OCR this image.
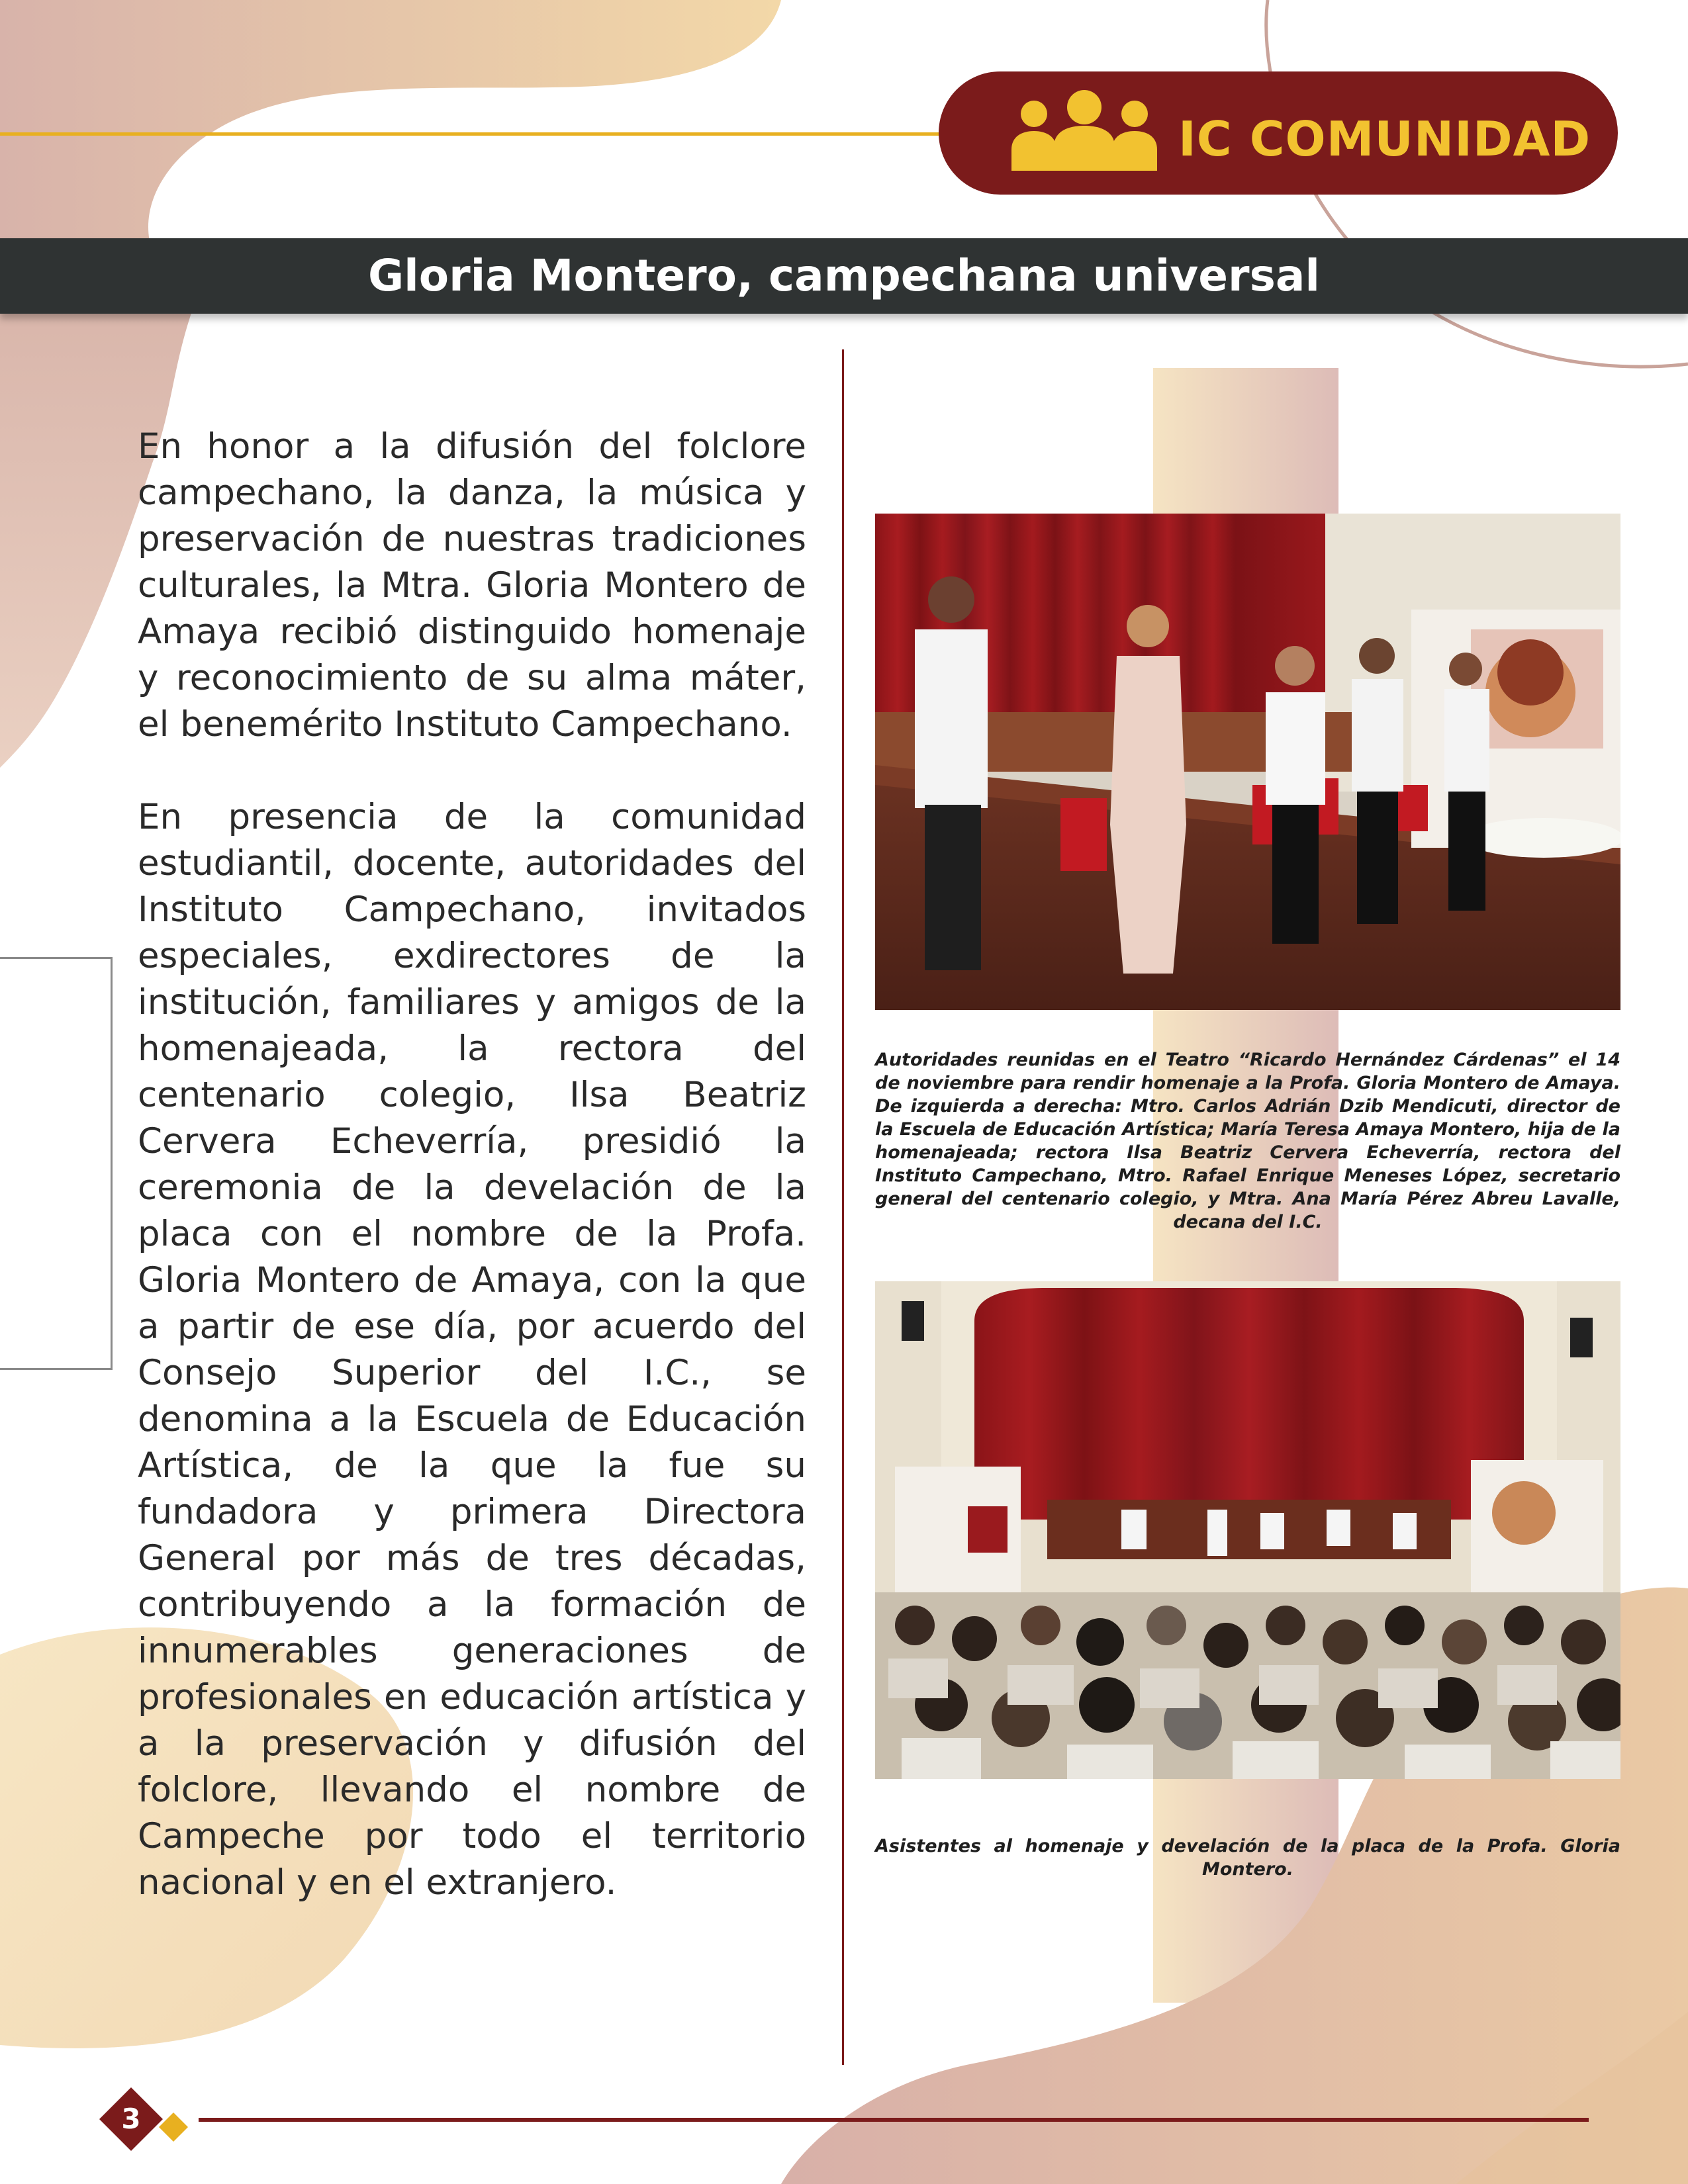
IC COMUNIDAD
Gloria Montero, campechana universal

En honor a la difusión del folclore campechano, la danza, la música y preservación de nuestras tradiciones culturales, la Mtra. Gloria Montero de Amaya recibió distinguido homenaje y reconocimiento de su alma máter, el benemérito Instituto Campechano.

En presencia de la comunidad estudiantil, docente, autoridades del Instituto Campechano, invitados especiales, exdirectores de la institución, familiares y amigos de la homenajeada, la rectora del centenario colegio, Ilsa Beatriz Cervera Echeverría, presidió la ceremonia de la develación de la placa con el nombre de la Profa. Gloria Montero de Amaya, con la que a partir de ese día, por acuerdo del Consejo Superior del I.C., se denomina a la Escuela de Educación Artística, de la que la fue su fundadora y primera Directora General por más de tres décadas, contribuyendo a la formación de innumerables generaciones de profesionales en educación artística y a la preservación y difusión del folclore, llevando el nombre de Campeche por todo el territorio nacional y en el extranjero.

Autoridades reunidas en el Teatro “Ricardo Hernández Cárdenas” el 14 de noviembre para rendir homenaje a la Profa. Gloria Montero de Amaya. De izquierda a derecha: Mtro. Carlos Adrián Dzib Mendicuti, director de la Escuela de Educación Artística; María Teresa Amaya Montero, hija de la homenajeada; rectora Ilsa Beatriz Cervera Echeverría, rectora del Instituto Campechano, Mtro. Rafael Enrique Meneses López, secretario general del centenario colegio, y Mtra. Ana María Pérez Abreu Lavalle, decana del I.C.
Asistentes al homenaje y develación de la placa de la Profa. Gloria Montero.
3
